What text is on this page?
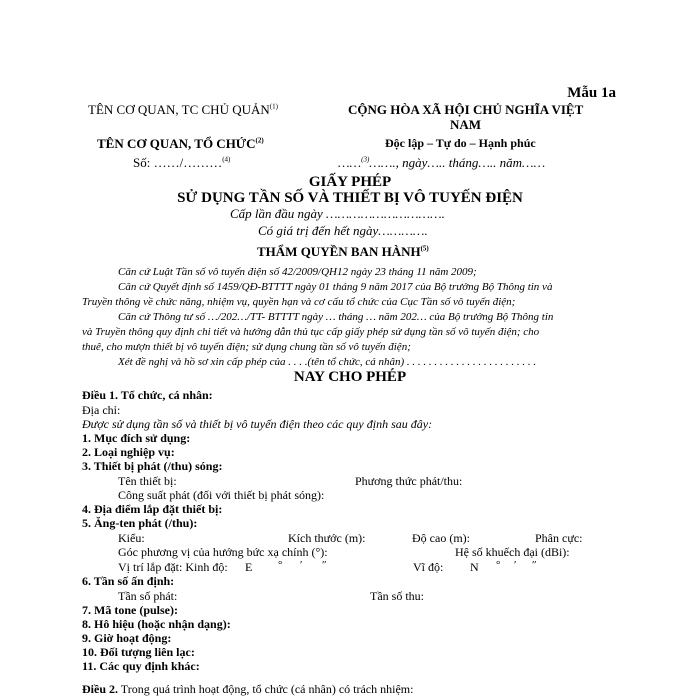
Mẫu 1a
TÊN CƠ QUAN, TC CHỦ QUẢN$^{(1)}$	CỘNG HÒA XÃ HỘI CHỦ NGHĨA VIỆT
NAM
TÊN CƠ QUAN, TỔ CHỨC$^{(2)}$	Độc lập – Tự do – Hạnh phúc
Số: ……/………$^{(4)}$	……$^{(3)}$……., ngày….. tháng….. năm……
GIẤY PHÉP
SỬ DỤNG TẦN SỐ VÀ THIẾT BỊ VÔ TUYẾN ĐIỆN
Cấp lần đầu ngày ………………………….
Có giá trị đến hết ngày………….
THẨM QUYỀN BAN HÀNH$^{(5)}$
Căn cứ Luật Tần số vô tuyến điện số 42/2009/QH12 ngày 23 tháng 11 năm 2009;
Căn cứ Quyết định số 1459/QĐ-BTTTT ngày 01 tháng 9 năm 2017 của Bộ trưởng Bộ Thông tin và
Truyền thông về chức năng, nhiệm vụ, quyền hạn và cơ cấu tổ chức của Cục Tần số vô tuyến điện;
Căn cứ Thông tư số …/202…/TT- BTTTT ngày … tháng … năm 202… của Bộ trưởng Bộ Thông tin
và Truyền thông quy định chi tiết và hướng dẫn thủ tục cấp giấy phép sử dụng tần số vô tuyến điện; cho
thuê, cho mượn thiết bị vô tuyến điện; sử dụng chung tần số vô tuyến điện;
Xét đề nghị và hồ sơ xin cấp phép của . . . .(tên tổ chức, cá nhân) . . . . . . . . . . . . . . . . . . . . . . . .
NAY CHO PHÉP
Điều 1. Tổ chức, cá nhân:
Địa chỉ:
Được sử dụng tần số và thiết bị vô tuyến điện theo các quy định sau đây:
1. Mục đích sử dụng:
2. Loại nghiệp vụ:
3. Thiết bị phát (/thu) sóng:
Tên thiết bị:	Phương thức phát/thu:
Công suất phát (đối với thiết bị phát sóng):
4. Địa điểm lắp đặt thiết bị:
5. Ăng-ten phát (/thu):
Kiểu:	Kích thước (m):	Độ cao (m):	Phân cực:
Góc phương vị của hướng bức xạ chính (°):	Hệ số khuếch đại (dBi):
Vị trí lắp đặt: Kinh độ: E ° ′ ″	Vĩ độ: N ° ′ ″
6. Tần số ấn định:
Tần số phát:	Tần số thu:
7. Mã tone (pulse):
8. Hô hiệu (hoặc nhận dạng):
9. Giờ hoạt động:
10. Đối tượng liên lạc:
11. Các quy định khác:
Điều 2. Trong quá trình hoạt động, tổ chức (cá nhân) có trách nhiệm:
